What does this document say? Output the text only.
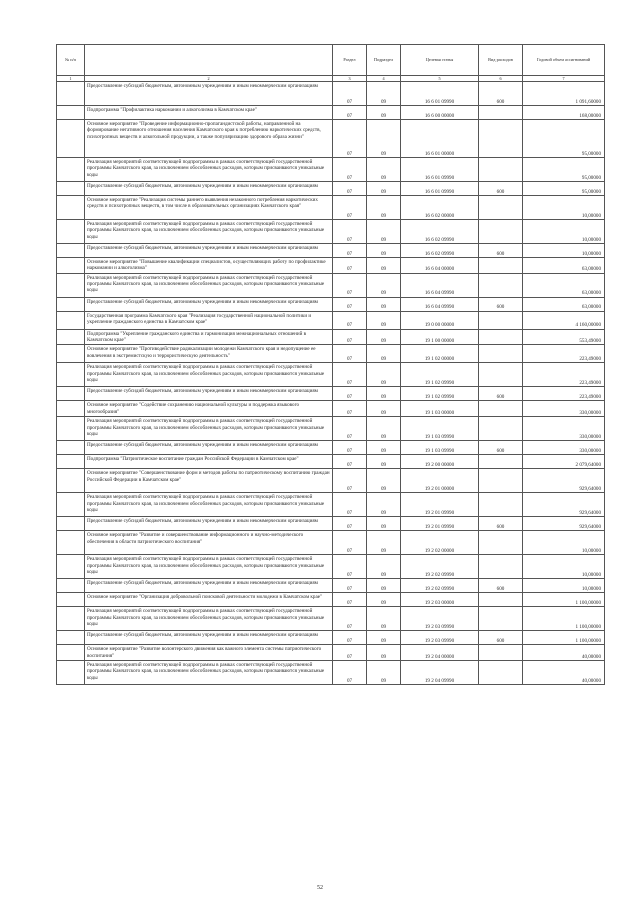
№ п/п		Раздел	Подраздел	Целевая статья	Вид расходов	Годовой объем ассигнований
1	2	3	4	5	6	7
	Предоставление субсидий бюджетным, автономным учреждениям и иным некоммерческим организациям	07	09	16 6 01 09990	600	1 091,60000
	Подпрограмма "Профилактика наркомании и алкоголизма в Камчатском крае"	07	09	16 6 00 00000		168,00000
	Основное мероприятие "Проведение информационно-пропагандистской работы, направленной на формирование негативного отношения населения Камчатского края к потреблению наркотических средств, психотропных веществ и алкогольной продукции, а также популяризацию здорового образа жизни"	07	09	16 6 01 00000		95,00000
	Реализация мероприятий соответствующей подпрограммы в рамках соответствующей государственной программы Камчатского края, за исключением обособленных расходов, которым присваиваются уникальные коды	07	09	16 6 01 09990		95,00000
	Предоставление субсидий бюджетным, автономным учреждениям и иным некоммерческим организациям	07	09	16 6 01 09990	600	95,00000
	Основное мероприятие "Реализация системы раннего выявления незаконного потребления наркотических средств и психотропных веществ, в том числе в образовательных организациях Камчатского края"	07	09	16 6 02 00000		10,00000
	Реализация мероприятий соответствующей подпрограммы в рамках соответствующей государственной программы Камчатского края, за исключением обособленных расходов, которым присваиваются уникальные коды	07	09	16 6 02 09990		10,00000
	Предоставление субсидий бюджетным, автономным учреждениям и иным некоммерческим организациям	07	09	16 6 02 09990	600	10,00000
	Основное мероприятие "Повышение квалификации специалистов, осуществляющих работу по профилактике наркомании и алкоголизма"	07	09	16 6 04 00000		63,00000
	Реализация мероприятий соответствующей подпрограммы в рамках соответствующей государственной программы Камчатского края, за исключением обособленных расходов, которым присваиваются уникальные коды	07	09	16 6 04 09990		63,00000
	Предоставление субсидий бюджетным, автономным учреждениям и иным некоммерческим организациям	07	09	16 6 04 09990	600	63,00000
	Государственная программа Камчатского края "Реализация государственной национальной политики и укрепление гражданского единства в Камчатском крае"	07	09	19 0 00 00000		4 160,00000
	Подпрограмма "Укрепление гражданского единства и гармонизация межнациональных отношений в Камчатском крае"	07	09	19 1 00 00000		553,49000
	Основное мероприятие "Противодействие радикализации молодежи Камчатского края и недопущение ее вовлечения в экстремистскую и террористическую деятельность"	07	09	19 1 02 00000		223,49000
	Реализация мероприятий соответствующей подпрограммы в рамках соответствующей государственной программы Камчатского края, за исключением обособленных расходов, которым присваиваются уникальные коды	07	09	19 1 02 09990		223,49000
	Предоставление субсидий бюджетным, автономным учреждениям и иным некоммерческим организациям	07	09	19 1 02 09990	600	223,49000
	Основное мероприятие "Содействие сохранению национальной культуры и поддержка языкового многообразия"	07	09	19 1 03 00000		330,00000
	Реализация мероприятий соответствующей подпрограммы в рамках соответствующей государственной программы Камчатского края, за исключением обособленных расходов, которым присваиваются уникальные коды	07	09	19 1 03 09990		330,00000
	Предоставление субсидий бюджетным, автономным учреждениям и иным некоммерческим организациям	07	09	19 1 03 09990	600	330,00000
	Подпрограмма "Патриотическое воспитание граждан Российской Федерации в Камчатском крае"	07	09	19 2 00 00000		2 079,64000
	Основное мероприятие "Совершенствование форм и методов работы по патриотическому воспитанию граждан Российской Федерации в Камчатском крае"	07	09	19 2 01 00000		929,64000
	Реализация мероприятий соответствующей подпрограммы в рамках соответствующей государственной программы Камчатского края, за исключением обособленных расходов, которым присваиваются уникальные коды	07	09	19 2 01 09990		929,64000
	Предоставление субсидий бюджетным, автономным учреждениям и иным некоммерческим организациям	07	09	19 2 01 09990	600	929,64000
	Основное мероприятие "Развитие и совершенствование информационного и научно-методического обеспечения в области патриотического воспитания"	07	09	19 2 02 00000		10,00000
	Реализация мероприятий соответствующей подпрограммы в рамках соответствующей государственной программы Камчатского края, за исключением обособленных расходов, которым присваиваются уникальные коды	07	09	19 2 02 09990		10,00000
	Предоставление субсидий бюджетным, автономным учреждениям и иным некоммерческим организациям	07	09	19 2 02 09990	600	10,00000
	Основное мероприятие "Организация добровольной поисковой деятельности молодежи в Камчатском крае"	07	09	19 2 03 00000		1 100,00000
	Реализация мероприятий соответствующей подпрограммы в рамках соответствующей государственной программы Камчатского края, за исключением обособленных расходов, которым присваиваются уникальные коды	07	09	19 2 03 09990		1 100,00000
	Предоставление субсидий бюджетным, автономным учреждениям и иным некоммерческим организациям	07	09	19 2 03 09990	600	1 100,00000
	Основное мероприятие "Развитие волонтерского движения как важного элемента системы патриотического воспитания"	07	09	19 2 04 00000		40,00000
	Реализация мероприятий соответствующей подпрограммы в рамках соответствующей государственной программы Камчатского края, за исключением обособленных расходов, которым присваиваются уникальные коды	07	09	19 2 04 09990		40,00000
52
